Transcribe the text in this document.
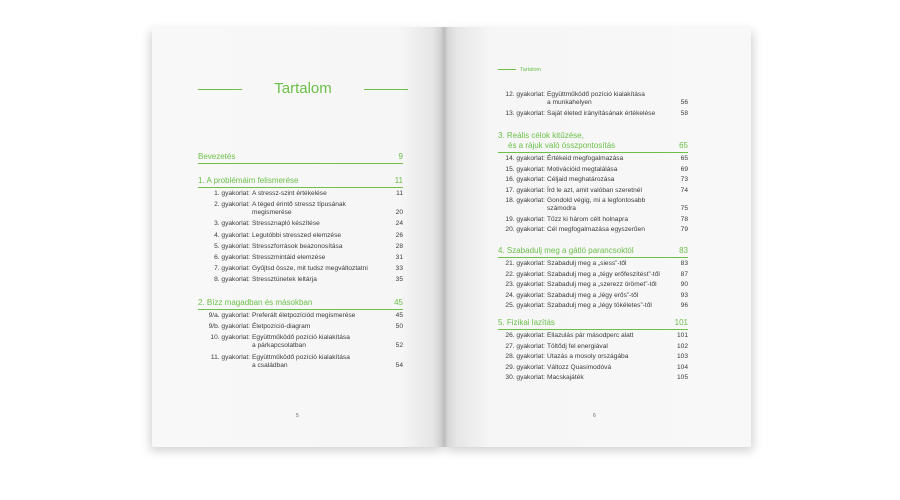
Tartalom
Tartalom
Bevezetés	9
1. A problémáim felismerése	11
1. gyakorlat: A stressz-szint értékelése	11
2. gyakorlat: A téged érintő stressz típusának
megismerése	20
3. gyakorlat: Stressznapló készítése	24
4. gyakorlat: Legutóbbi stresszed elemzése	26
5. gyakorlat: Stresszforrások beazonosítása	28
6. gyakorlat: Stresszmintáid elemzése	31
7. gyakorlat: Gyűjtsd össze, mit tudsz megváltoztatni	33
8. gyakorlat: Stressztünetek leltárja	35
2. Bízz magadban és másokban	45
9/a. gyakorlat: Preferált életpozíciód megismerése	45
9/b. gyakorlat: Életpozíció-diagram	50
10. gyakorlat: Együttműködő pozíció kialakítása
a párkapcsolatban	52
11. gyakorlat: Együttműködő pozíció kialakítása
a családban	54
12. gyakorlat: Együttműködő pozíció kialakítása
a munkahelyen	56
13. gyakorlat: Saját életed irányításának értékelése	58
3. Reális célok kitűzése,
és a rájuk való összpontosítás	65
14. gyakorlat: Értékeid megfogalmazása	65
15. gyakorlat: Motivációid megtalálása	69
16. gyakorlat: Céljaid meghatározása	73
17. gyakorlat: Írd le azt, amit valóban szeretnél	74
18. gyakorlat: Gondold végig, mi a legfontosabb
számodra	75
19. gyakorlat: Tűzz ki három célt holnapra	78
20. gyakorlat: Cél megfogalmazása egyszerűen	79
4. Szabadulj meg a gátló parancsoktól	83
21. gyakorlat: Szabadulj meg a „siess”-től	83
22. gyakorlat: Szabadulj meg a „tégy erőfeszítést”-től	87
23. gyakorlat: Szabadulj meg a „szerezz örömet”-től	90
24. gyakorlat: Szabadulj meg a „légy erős”-től	93
25. gyakorlat: Szabadulj meg a „légy tökéletes”-től	96
5. Fizikai lazítás	101
26. gyakorlat: Ellazulás pár másodperc alatt	101
27. gyakorlat: Töltődj fel energiával	102
28. gyakorlat: Utazás a mosoly országába	103
29. gyakorlat: Változz Quasimodóvá	104
30. gyakorlat: Macskajáték	105
5	6
